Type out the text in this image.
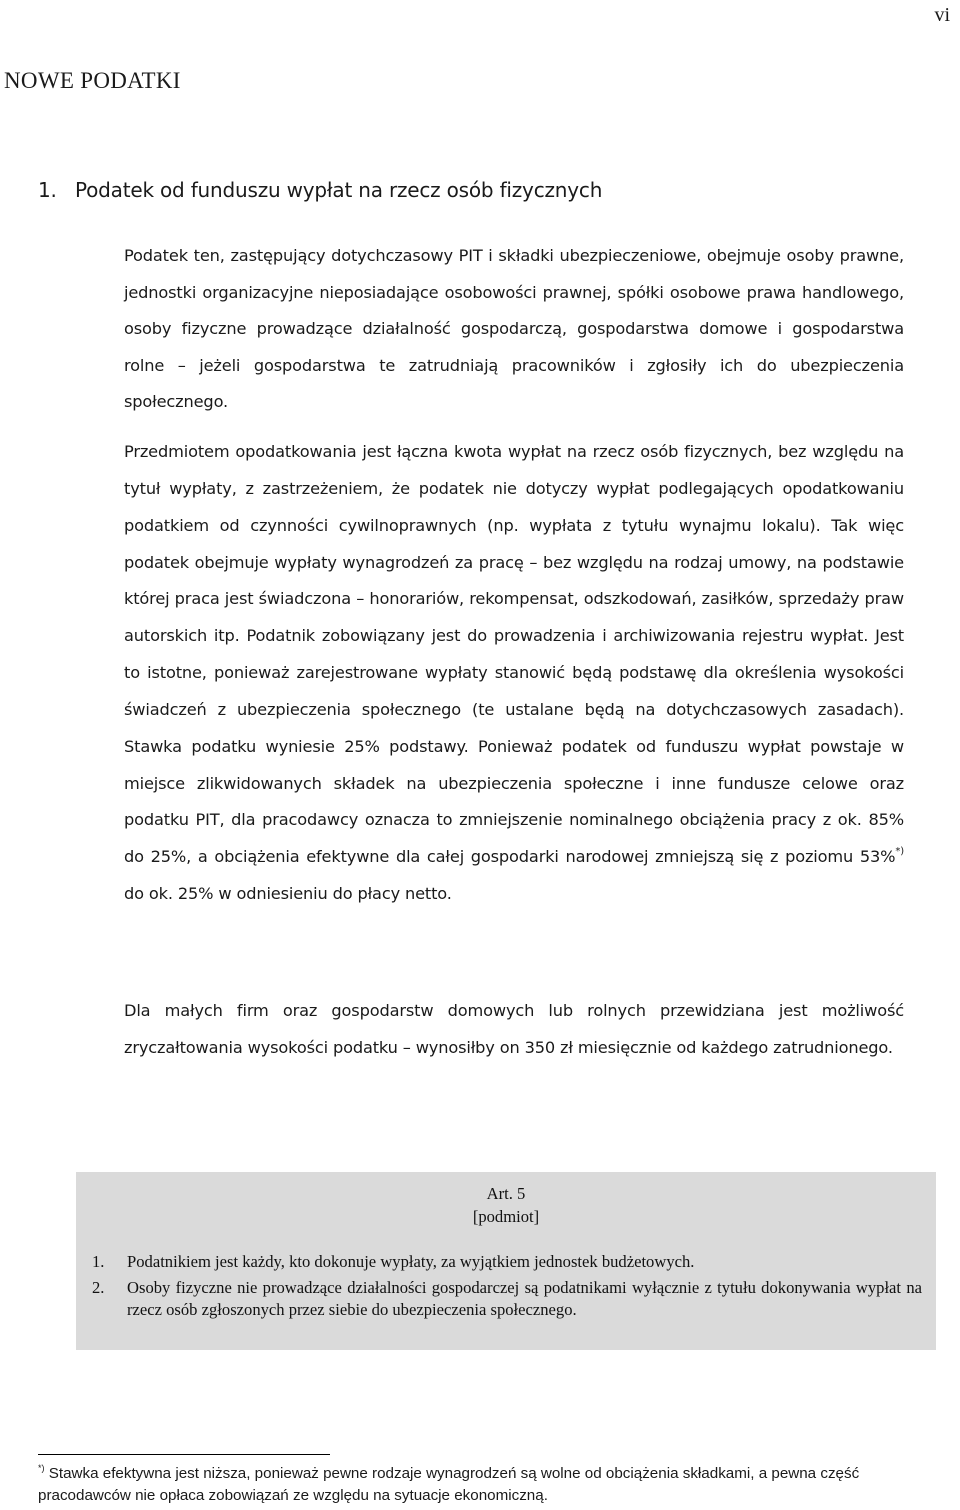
vi
NOWE PODATKI
1. Podatek od funduszu wypłat na rzecz osób fizycznych

Podatek ten, zastępujący dotychczasowy PIT i składki ubezpieczeniowe, obejmuje osoby prawne, jednostki organizacyjne nieposiadające osobowości prawnej, spółki osobowe prawa handlowego, osoby fizyczne prowadzące działalność gospodarczą, gospodarstwa domowe i gospodarstwa rolne – jeżeli gospodarstwa te zatrudniają pracowników i zgłosiły ich do ubezpieczenia społecznego.

Przedmiotem opodatkowania jest łączna kwota wypłat na rzecz osób fizycznych, bez względu na tytuł wypłaty, z zastrzeżeniem, że podatek nie dotyczy wypłat podlegających opodatkowaniu podatkiem od czynności cywilnoprawnych (np. wypłata z tytułu wynajmu lokalu). Tak więc podatek obejmuje wypłaty wynagrodzeń za pracę – bez względu na rodzaj umowy, na podstawie której praca jest świadczona – honorariów, rekompensat, odszkodowań, zasiłków, sprzedaży praw autorskich itp. Podatnik zobowiązany jest do prowadzenia i archiwizowania rejestru wypłat. Jest to istotne, ponieważ zarejestrowane wypłaty stanowić będą podstawę dla określenia wysokości świadczeń z ubezpieczenia społecznego (te ustalane będą na dotychczasowych zasadach). Stawka podatku wyniesie 25% podstawy. Ponieważ podatek od funduszu wypłat powstaje w miejsce zlikwidowanych składek na ubezpieczenia społeczne i inne fundusze celowe oraz podatku PIT, dla pracodawcy oznacza to zmniejszenie nominalnego obciążenia pracy z ok. 85% do 25%, a obciążenia efektywne dla całej gospodarki narodowej zmniejszą się z poziomu 53%*) do ok. 25% w odniesieniu do płacy netto.

Dla małych firm oraz gospodarstw domowych lub rolnych przewidziana jest możliwość zryczałtowania wysokości podatku – wynosiłby on 350 zł miesięcznie od każdego zatrudnionego.

Art. 5
[podmiot]
1. Podatnikiem jest każdy, kto dokonuje wypłaty, za wyjątkiem jednostek budżetowych.
2. Osoby fizyczne nie prowadzące działalności gospodarczej są podatnikami wyłącznie z tytułu dokonywania wypłat na rzecz osób zgłoszonych przez siebie do ubezpieczenia społecznego.

*) Stawka efektywna jest niższa, ponieważ pewne rodzaje wynagrodzeń są wolne od obciążenia składkami, a pewna część pracodawców nie opłaca zobowiązań ze względu na sytuacje ekonomiczną.
